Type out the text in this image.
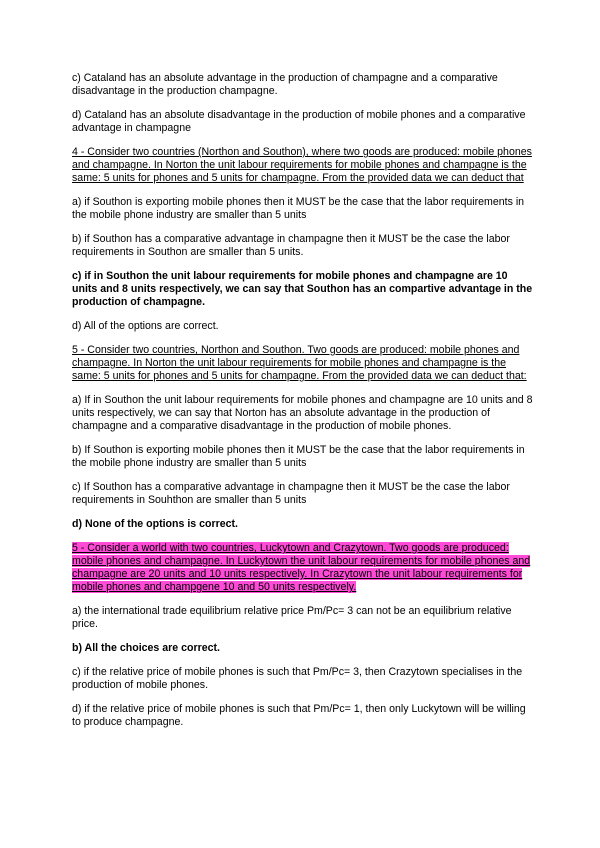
c) Cataland has an absolute advantage in the production of champagne and a comparative disadvantage in the production champagne.

d) Cataland has an absolute disadvantage in the production of mobile phones and a comparative advantage in champagne

4 - Consider two countries (Northon and Southon), where two goods are produced: mobile phones and champagne. In Norton the unit labour requirements for mobile phones and champagne is the same: 5 units for phones and 5 units for champagne. From the provided data we can deduct that

a) if Southon is exporting mobile phones then it MUST be the case that the labor requirements in the mobile phone industry are smaller than 5 units

b) if Southon has a comparative advantage in champagne then it MUST be the case the labor requirements in Southon are smaller than 5 units.

c) if in Southon the unit labour requirements for mobile phones and champagne are 10 units and 8 units respectively, we can say that Southon has an compartive advantage in the production of champagne.

d) All of the options are correct.

5 - Consider two countries, Northon and Southon. Two goods are produced: mobile phones and champagne. In Norton the unit labour requirements for mobile phones and champagne is the same: 5 units for phones and 5 units for champagne. From the provided data we can deduct that:

a) If in Southon the unit labour requirements for mobile phones and champagne are 10 units and 8 units respectively, we can say that Norton has an absolute advantage in the production of champagne and a comparative disadvantage in the production of mobile phones.

b) If Southon is exporting mobile phones then it MUST be the case that the labor requirements in the mobile phone industry are smaller than 5 units

c) If Southon has a comparative advantage in champagne then it MUST be the case the labor requirements in Souhthon are smaller than 5 units

d) None of the options is correct.

5 - Consider a world with two countries, Luckytown and Crazytown. Two goods are produced: mobile phones and champagne. In Luckytown the unit labour requirements for mobile phones and champagne are 20 units and 10 units respectively. In Crazytown the unit labour requirements for mobile phones and champgene 10 and 50 units respectively.

a) the international trade equilibrium relative price Pm/Pc= 3 can not be an equilibrium relative price.

b) All the choices are correct.

c) if the relative price of mobile phones is such that Pm/Pc= 3, then Crazytown specialises in the production of mobile phones.

d) if the relative price of mobile phones is such that Pm/Pc= 1, then only Luckytown will be willing to produce champagne.
